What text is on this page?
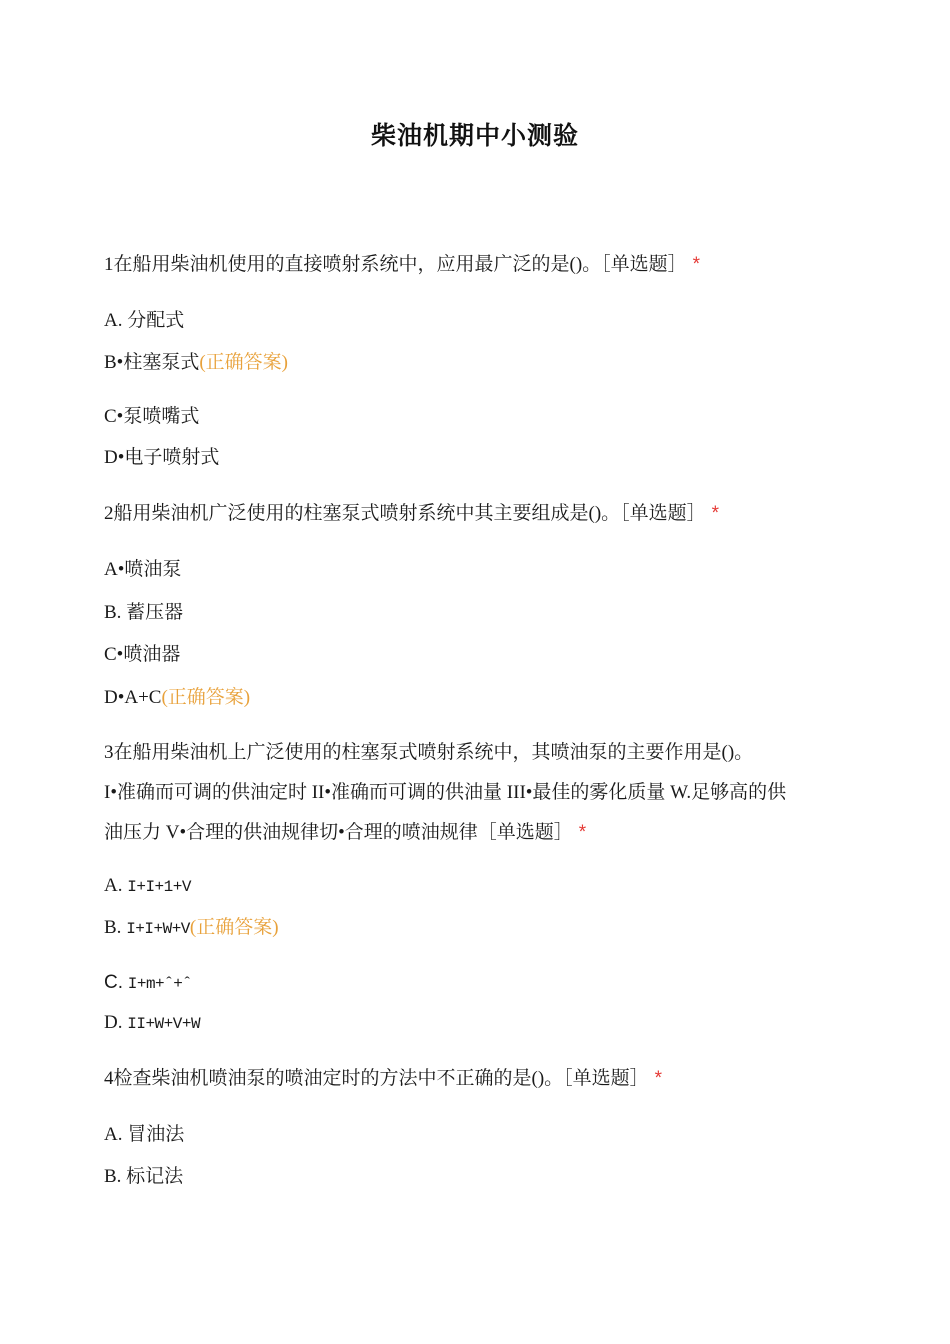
柴油机期中小测验
1在船用柴油机使用的直接喷射系统中，应用最广泛的是()。［单选题］ *
A. 分配式
B•柱塞泵式(正确答案)
C•泵喷嘴式
D•电子喷射式
2船用柴油机广泛使用的柱塞泵式喷射系统中其主要组成是()。［单选题］ *
A•喷油泵
B. 蓄压器
C•喷油器
D•A+C(正确答案)
3在船用柴油机上广泛使用的柱塞泵式喷射系统中，其喷油泵的主要作用是()。
I•准确而可调的供油定时 II•准确而可调的供油量 III•最佳的雾化质量 W.足够高的供
油压力 V•合理的供油规律切•合理的喷油规律［单选题］ *
A. I+I+1+V
B. I+I+W+V(正确答案)
C. I+m+ˆ+ˆ
D. II+W+V+W
4检查柴油机喷油泵的喷油定时的方法中不正确的是()。［单选题］ *
A. 冒油法
B. 标记法
